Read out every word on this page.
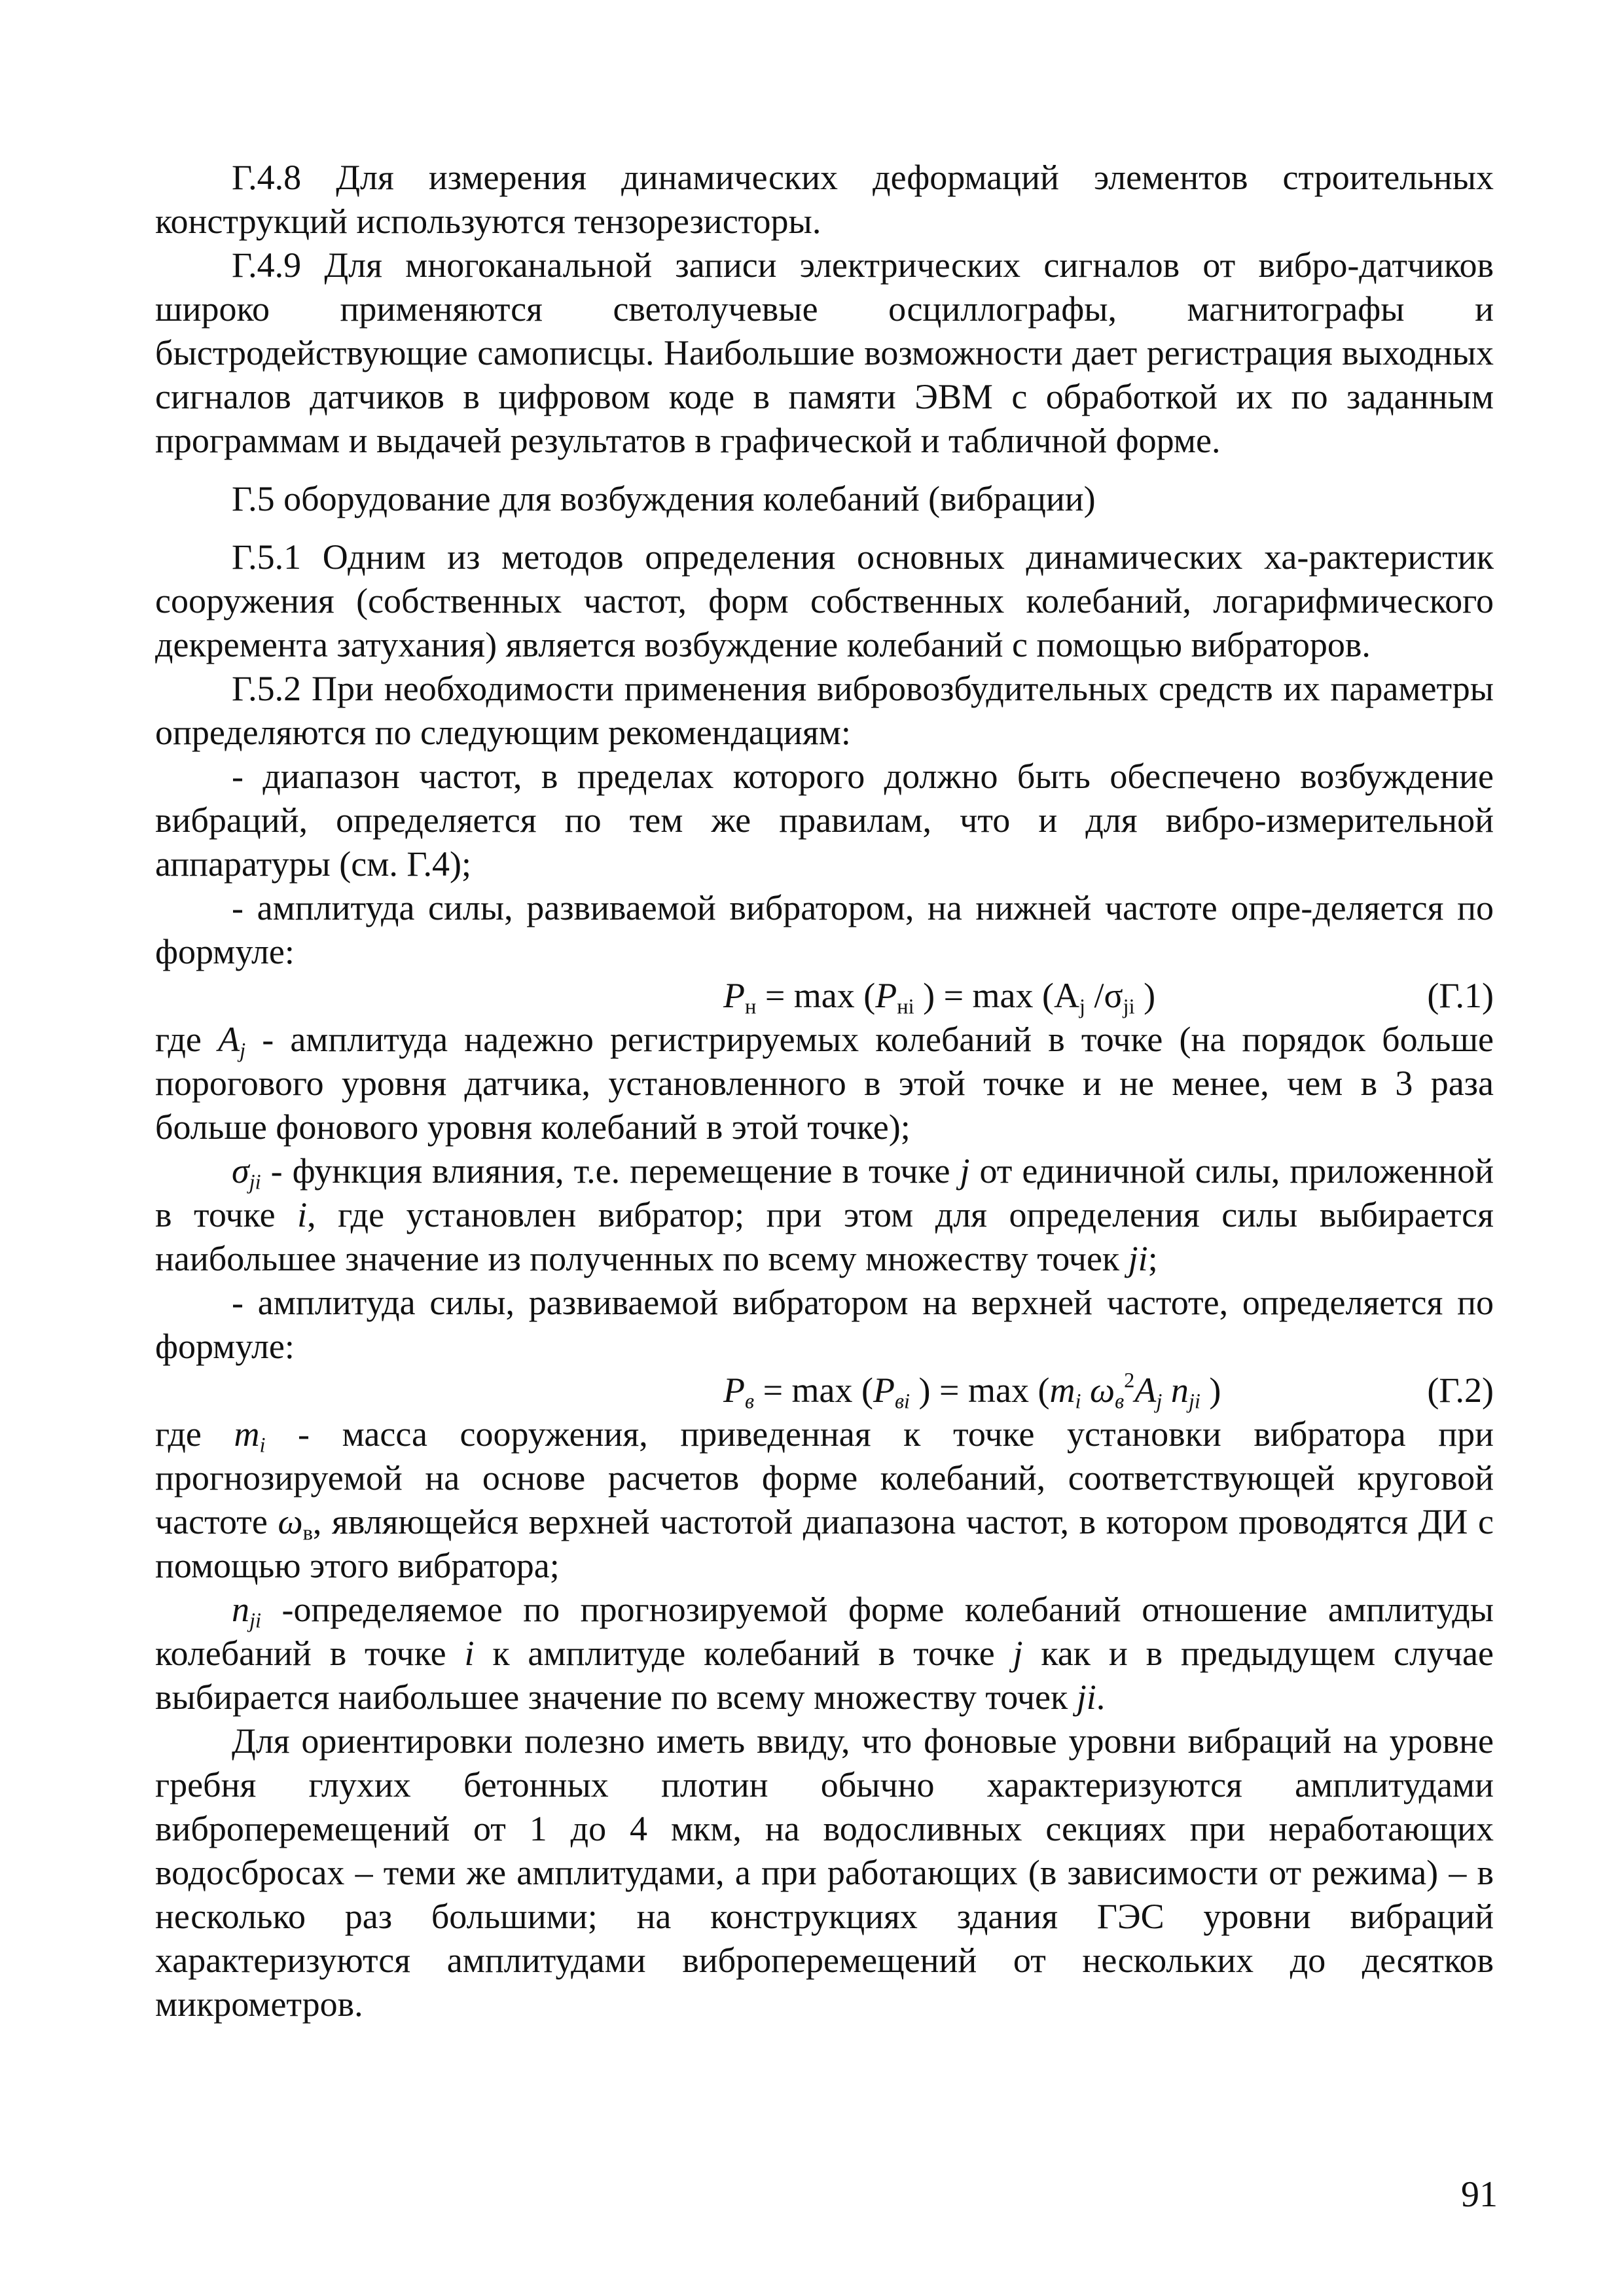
Г.4.8 Для измерения динамических деформаций элементов строительных конструкций используются тензорезисторы.

Г.4.9 Для многоканальной записи электрических сигналов от вибро-датчиков широко применяются светолучевые осциллографы, магнитографы и быстродействующие самописцы. Наибольшие возможности дает регистрация выходных сигналов датчиков в цифровом коде в памяти ЭВМ с обработкой их по заданным программам и выдачей результатов в графической и табличной форме.

Г.5 оборудование для возбуждения колебаний (вибрации)

Г.5.1 Одним из методов определения основных динамических ха-рактеристик сооружения (собственных частот, форм собственных колебаний, логарифмического декремента затухания) является возбуждение колебаний с помощью вибраторов.

Г.5.2 При необходимости применения вибровозбудительных средств их параметры определяются по следующим рекомендациям:

- диапазон частот, в пределах которого должно быть обеспечено возбуждение вибраций, определяется по тем же правилам, что и для вибро-измерительной аппаратуры (см. Г.4);

- амплитуда силы, развиваемой вибратором, на нижней частоте опре-деляется по формуле:

$P_н = \max (P_{нi}$ ) = $\max (A_j$ $/\sigma_{ji}$ )	(Г.1)

где $A_j$ - амплитуда надежно регистрируемых колебаний в точке (на порядок больше порогового уровня датчика, установленного в этой точке и не менее, чем в 3 раза больше фонового уровня колебаний в этой точке);

$\sigma_{ji}$ - функция влияния, т.е. перемещение в точке j от единичной силы, приложенной в точке i, где установлен вибратор; при этом для определения силы выбирается наибольшее значение из полученных по всему множеству точек ji;

- амплитуда силы, развиваемой вибратором на верхней частоте, определяется по формуле:

$P_в = \max (P_{вi}$ ) = $\max (m_i$ $\omega_в^2A_j$ $n_{ji}$ )	(Г.2)

где $m_i$ - масса сооружения, приведенная к точке установки вибратора при прогнозируемой на основе расчетов форме колебаний, соответствующей круговой частоте $\omega_в$, являющейся верхней частотой диапазона частот, в котором проводятся ДИ с помощью этого вибратора;

$n_{ji}$ -определяемое по прогнозируемой форме колебаний отношение амплитуды колебаний в точке i к амплитуде колебаний в точке j как и в предыдущем случае выбирается наибольшее значение по всему множеству точек ji.

Для ориентировки полезно иметь ввиду, что фоновые уровни вибраций на уровне гребня глухих бетонных плотин обычно характеризуются амплитудами виброперемещений от 1 до 4 мкм, на водосливных секциях при неработающих водосбросах – теми же амплитудами, а при работающих (в зависимости от режима) – в несколько раз большими; на конструкциях здания ГЭС уровни вибраций характеризуются амплитудами виброперемещений от нескольких до десятков микрометров.

91
